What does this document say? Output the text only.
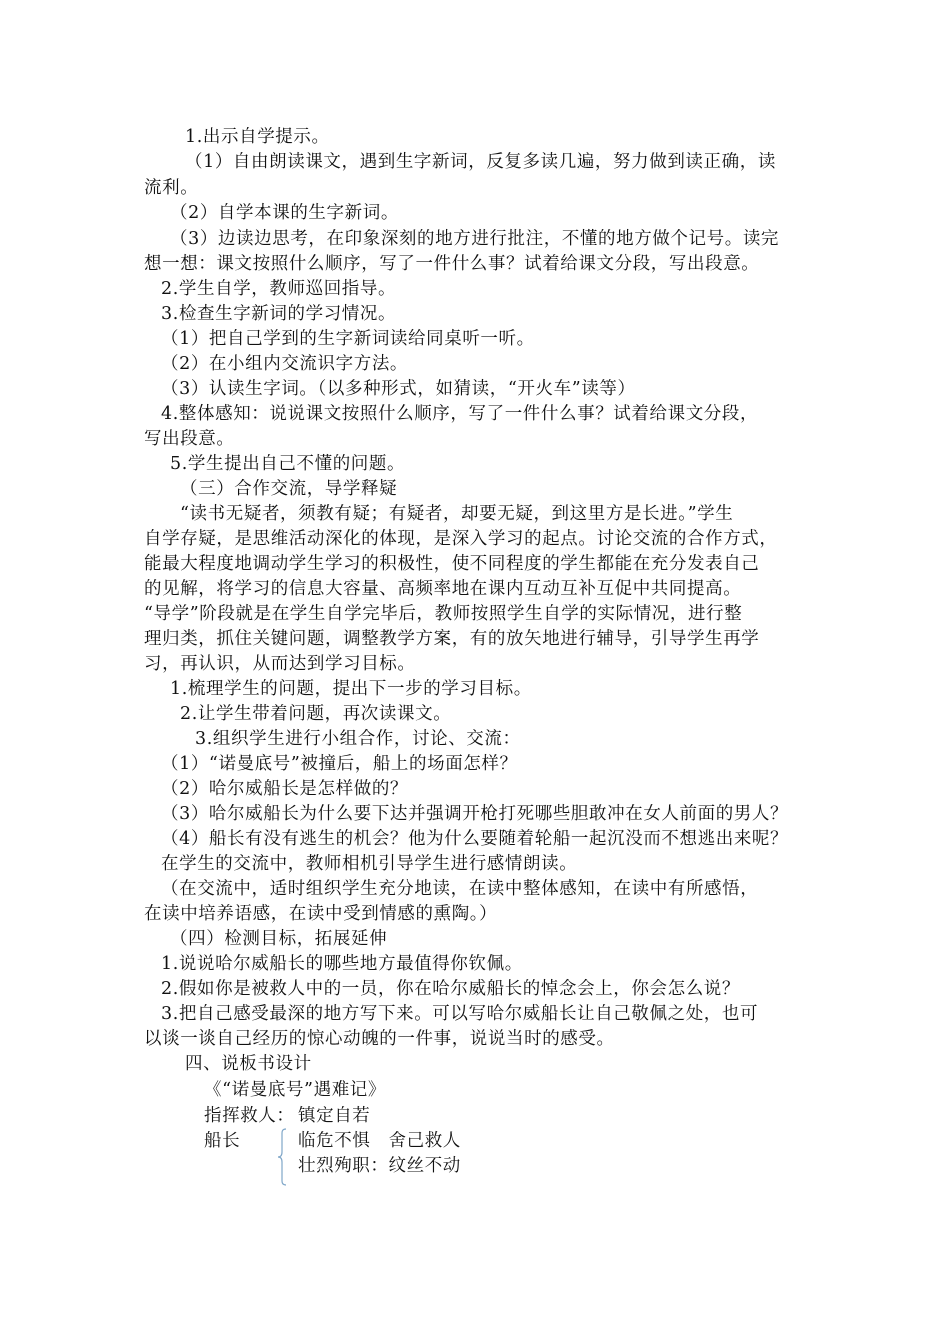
1.出示自学提示。
（1）自由朗读课文，遇到生字新词，反复多读几遍，努力做到读正确，读
流利。
（2）自学本课的生字新词。
（3）边读边思考，在印象深刻的地方进行批注，不懂的地方做个记号。读完
想一想：课文按照什么顺序，写了一件什么事？试着给课文分段，写出段意。
2.学生自学，教师巡回指导。
3.检查生字新词的学习情况。
（1）把自己学到的生字新词读给同桌听一听。
（2）在小组内交流识字方法。
（3）认读生字词。（以多种形式，如猜读，“开火车”读等）
4.整体感知：说说课文按照什么顺序，写了一件什么事？试着给课文分段，
写出段意。
5.学生提出自己不懂的问题。
（三）合作交流，导学释疑
“读书无疑者，须教有疑；有疑者，却要无疑，到这里方是长进。”学生
自学存疑，是思维活动深化的体现，是深入学习的起点。讨论交流的合作方式，
能最大程度地调动学生学习的积极性，使不同程度的学生都能在充分发表自己
的见解，将学习的信息大容量、高频率地在课内互动互补互促中共同提高。
“导学”阶段就是在学生自学完毕后，教师按照学生自学的实际情况，进行整
理归类，抓住关键问题，调整教学方案，有的放矢地进行辅导，引导学生再学
习，再认识，从而达到学习目标。
1.梳理学生的问题，提出下一步的学习目标。
2.让学生带着问题，再次读课文。
3.组织学生进行小组合作，讨论、交流：
（1）“诺曼底号”被撞后，船上的场面怎样？
（2）哈尔威船长是怎样做的？
（3）哈尔威船长为什么要下达并强调开枪打死哪些胆敢冲在女人前面的男人？
（4）船长有没有逃生的机会？他为什么要随着轮船一起沉没而不想逃出来呢？
在学生的交流中，教师相机引导学生进行感情朗读。
（在交流中，适时组织学生充分地读，在读中整体感知，在读中有所感悟，
在读中培养语感，在读中受到情感的熏陶。）
（四）检测目标，拓展延伸
1.说说哈尔威船长的哪些地方最值得你钦佩。
2.假如你是被救人中的一员，你在哈尔威船长的悼念会上，你会怎么说？
3.把自己感受最深的地方写下来。可以写哈尔威船长让自己敬佩之处，也可
以谈一谈自己经历的惊心动魄的一件事，说说当时的感受。
四、说板书设计
《“诺曼底号”遇难记》
指挥救人： 镇定自若
船长	临危不惧　舍己救人
壮烈殉职：纹丝不动
